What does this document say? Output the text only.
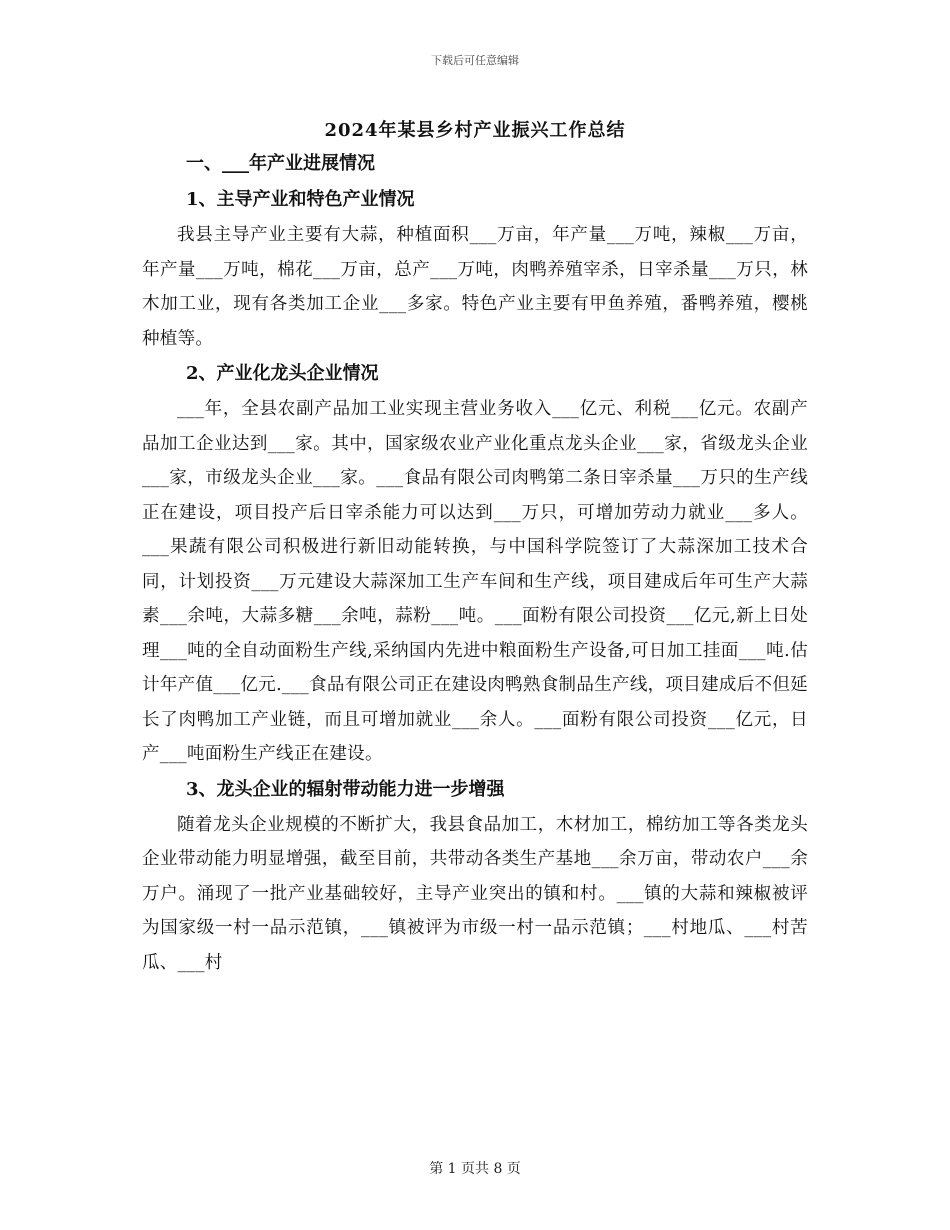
下载后可任意编辑
2024年某县乡村产业振兴工作总结

一、___年产业进展情况

1、主导产业和特色产业情况

我县主导产业主要有大蒜，种植面积___万亩，年产量___万吨，辣椒___万亩，年产量___万吨，棉花___万亩，总产___万吨，肉鸭养殖宰杀，日宰杀量___万只，林木加工业，现有各类加工企业___多家。特色产业主要有甲鱼养殖，番鸭养殖，樱桃种植等。

2、产业化龙头企业情况

___年，全县农副产品加工业实现主营业务收入___亿元、利税___亿元。农副产品加工企业达到___家。其中，国家级农业产业化重点龙头企业___家，省级龙头企业___家，市级龙头企业___家。___食品有限公司肉鸭第二条日宰杀量___万只的生产线正在建设，项目投产后日宰杀能力可以达到___万只，可增加劳动力就业___多人。___果蔬有限公司积极进行新旧动能转换，与中国科学院签订了大蒜深加工技术合同，计划投资___万元建设大蒜深加工生产车间和生产线，项目建成后年可生产大蒜素___余吨，大蒜多糖___余吨，蒜粉___吨。___面粉有限公司投资___亿元,新上日处理___吨的全自动面粉生产线,采纳国内先进中粮面粉生产设备,可日加工挂面___吨.估计年产值___亿元.___食品有限公司正在建设肉鸭熟食制品生产线，项目建成后不但延长了肉鸭加工产业链，而且可增加就业___余人。___面粉有限公司投资___亿元，日产___吨面粉生产线正在建设。

3、龙头企业的辐射带动能力进一步增强

随着龙头企业规模的不断扩大，我县食品加工，木材加工，棉纺加工等各类龙头企业带动能力明显增强，截至目前，共带动各类生产基地___余万亩，带动农户___余万户。涌现了一批产业基础较好，主导产业突出的镇和村。___镇的大蒜和辣椒被评为国家级一村一品示范镇，___镇被评为市级一村一品示范镇；___村地瓜、___村苦瓜、___村

第 1 页共 8 页
